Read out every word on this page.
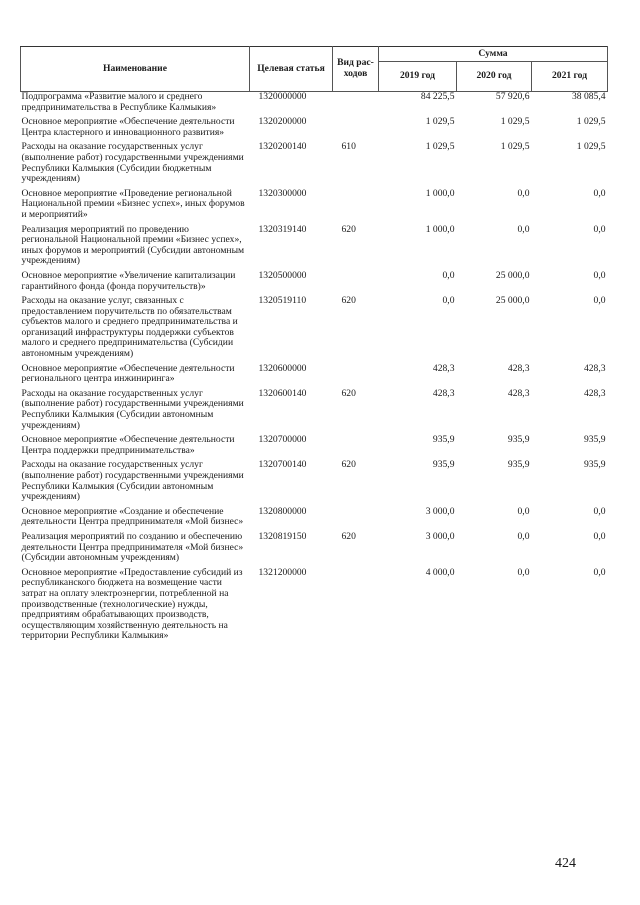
Наименование	Целевая статья	Вид рас-ходов	Сумма		
			2019 год	2020 год	2021 год
Подпрограмма «Развитие малого и среднего предпринимательства в Республике Калмыкия»	1320000000		84 225,5	57 920,6	38 085,4
Основное мероприятие «Обеспечение деятельности Центра кластерного и инновационного развития»	1320200000		1 029,5	1 029,5	1 029,5
Расходы на оказание государственных услуг (выполнение работ) государственными учреждениями Республики Калмыкия (Субсидии бюджетным учреждениям)	1320200140	610	1 029,5	1 029,5	1 029,5
Основное мероприятие «Проведение региональной Национальной премии «Бизнес успех», иных форумов и мероприятий»	1320300000		1 000,0	0,0	0,0
Реализация мероприятий по проведению региональной Национальной премии «Бизнес успех», иных форумов и мероприятий (Субсидии автономным учреждениям)	1320319140	620	1 000,0	0,0	0,0
Основное мероприятие «Увеличение капитализации гарантийного фонда (фонда поручительств)»	1320500000		0,0	25 000,0	0,0
Расходы на оказание услуг, связанных с предоставлением поручительств по обязательствам субъектов малого и среднего предпринимательства и организаций инфраструктуры поддержки субъектов малого и среднего предпринимательства (Субсидии автономным учреждениям)	1320519110	620	0,0	25 000,0	0,0
Основное мероприятие «Обеспечение деятельности регионального центра инжиниринга»	1320600000		428,3	428,3	428,3
Расходы на оказание государственных услуг (выполнение работ) государственными учреждениями Республики Калмыкия (Субсидии автономным учреждениям)	1320600140	620	428,3	428,3	428,3
Основное мероприятие «Обеспечение деятельности Центра поддержки предпринимательства»	1320700000		935,9	935,9	935,9
Расходы на оказание государственных услуг (выполнение работ) государственными учреждениями Республики Калмыкия (Субсидии автономным учреждениям)	1320700140	620	935,9	935,9	935,9
Основное мероприятие «Создание и обеспечение деятельности Центра предпринимателя «Мой бизнес»	1320800000		3 000,0	0,0	0,0
Реализация мероприятий по созданию и обеспечению деятельности Центра предпринимателя «Мой бизнес» (Субсидии автономным учреждениям)	1320819150	620	3 000,0	0,0	0,0
Основное мероприятие «Предоставление субсидий из республиканского бюджета на возмещение части затрат на оплату электроэнергии, потребленной на производственные (технологические) нужды, предприятиям обрабатывающих производств, осуществляющим хозяйственную деятельность на территории Республики Калмыкия»	1321200000		4 000,0	0,0	0,0
424
